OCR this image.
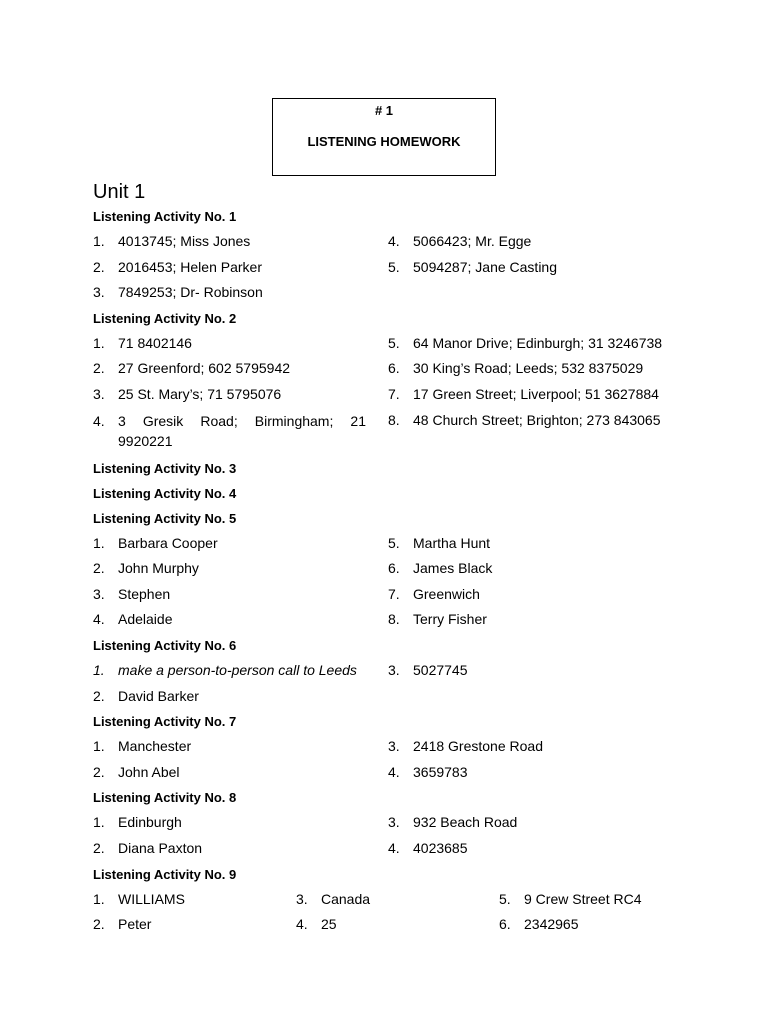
# 1
LISTENING HOMEWORK
Unit 1
Listening Activity No. 1
1. 4013745; Miss Jones
2. 2016453; Helen Parker
3. 7849253; Dr- Robinson
4. 5066423; Mr. Egge
5. 5094287; Jane Casting
Listening Activity No. 2
1. 71 8402146
2. 27 Greenford; 602 5795942
3. 25 St. Mary’s; 71 5795076
4. 3 Gresik Road; Birmingham; 21 9920221
5. 64 Manor Drive; Edinburgh; 31 3246738
6. 30 King’s Road; Leeds; 532 8375029
7. 17 Green Street; Liverpool; 51 3627884
8. 48 Church Street; Brighton; 273 843065
Listening Activity No. 3
Listening Activity No. 4
Listening Activity No. 5
1. Barbara Cooper
2. John Murphy
3. Stephen
4. Adelaide
5. Martha Hunt
6. James Black
7. Greenwich
8. Terry Fisher
Listening Activity No. 6
1. make a person-to-person call to Leeds
2. David Barker
3. 5027745
Listening Activity No. 7
1. Manchester
2. John Abel
3. 2418 Grestone Road
4. 3659783
Listening Activity No. 8
1. Edinburgh
2. Diana Paxton
3. 932 Beach Road
4. 4023685
Listening Activity No. 9
1. WILLIAMS
2. Peter
3. Canada
4. 25
5. 9 Crew Street RC4
6. 2342965
